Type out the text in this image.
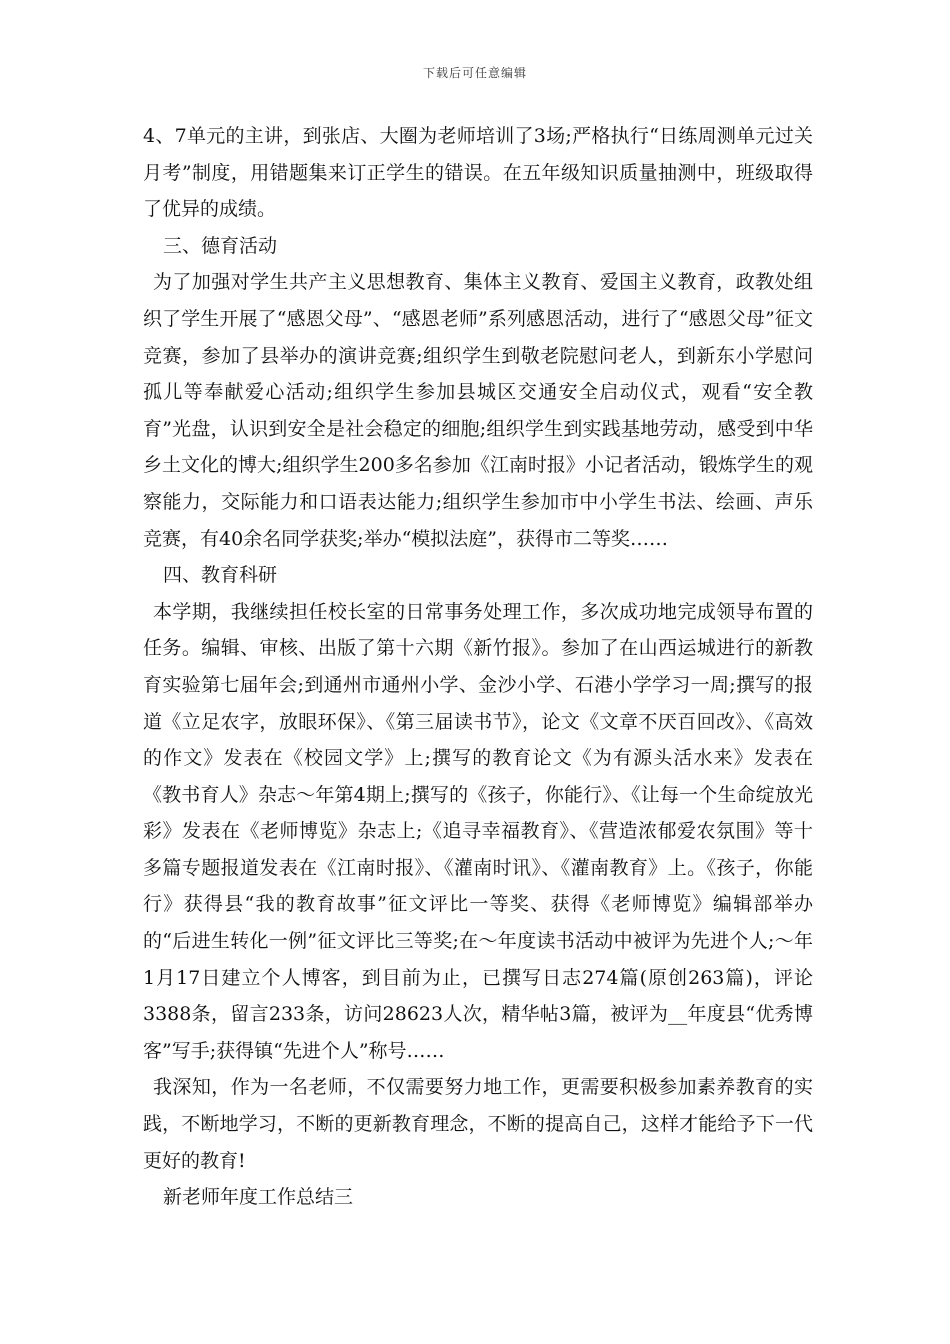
下载后可任意编辑

4、7单元的主讲，到张店、大圈为老师培训了3场;严格执行“日练周测单元过关月考”制度，用错题集来订正学生的错误。在五年级知识质量抽测中，班级取得了优异的成绩。

三、德育活动

为了加强对学生共产主义思想教育、集体主义教育、爱国主义教育，政教处组织了学生开展了“感恩父母”、“感恩老师”系列感恩活动，进行了“感恩父母”征文竞赛，参加了县举办的演讲竞赛;组织学生到敬老院慰问老人，到新东小学慰问孤儿等奉献爱心活动;组织学生参加县城区交通安全启动仪式，观看“安全教育”光盘，认识到安全是社会稳定的细胞;组织学生到实践基地劳动，感受到中华乡土文化的博大;组织学生200多名参加《江南时报》小记者活动，锻炼学生的观察能力，交际能力和口语表达能力;组织学生参加市中小学生书法、绘画、声乐竞赛，有40余名同学获奖;举办“模拟法庭”，获得市二等奖……

四、教育科研

本学期，我继续担任校长室的日常事务处理工作，多次成功地完成领导布置的任务。编辑、审核、出版了第十六期《新竹报》。参加了在山西运城进行的新教育实验第七届年会;到通州市通州小学、金沙小学、石港小学学习一周;撰写的报道《立足农字，放眼环保》、《第三届读书节》，论文《文章不厌百回改》、《高效的作文》发表在《校园文学》上;撰写的教育论文《为有源头活水来》发表在《教书育人》杂志～年第4期上;撰写的《孩子，你能行》、《让每一个生命绽放光彩》发表在《老师博览》杂志上;《追寻幸福教育》、《营造浓郁爱农氛围》等十多篇专题报道发表在《江南时报》、《灌南时讯》、《灌南教育》上。《孩子，你能行》获得县“我的教育故事”征文评比一等奖、获得《老师博览》编辑部举办的“后进生转化一例”征文评比三等奖;在～年度读书活动中被评为先进个人;～年1月17日建立个人博客，到目前为止，已撰写日志274篇(原创263篇)，评论3388条，留言233条，访问28623人次，精华帖3篇，被评为__年度县“优秀博客”写手;获得镇“先进个人”称号……

我深知，作为一名老师，不仅需要努力地工作，更需要积极参加素养教育的实践，不断地学习，不断的更新教育理念，不断的提高自己，这样才能给予下一代更好的教育!

新老师年度工作总结三
